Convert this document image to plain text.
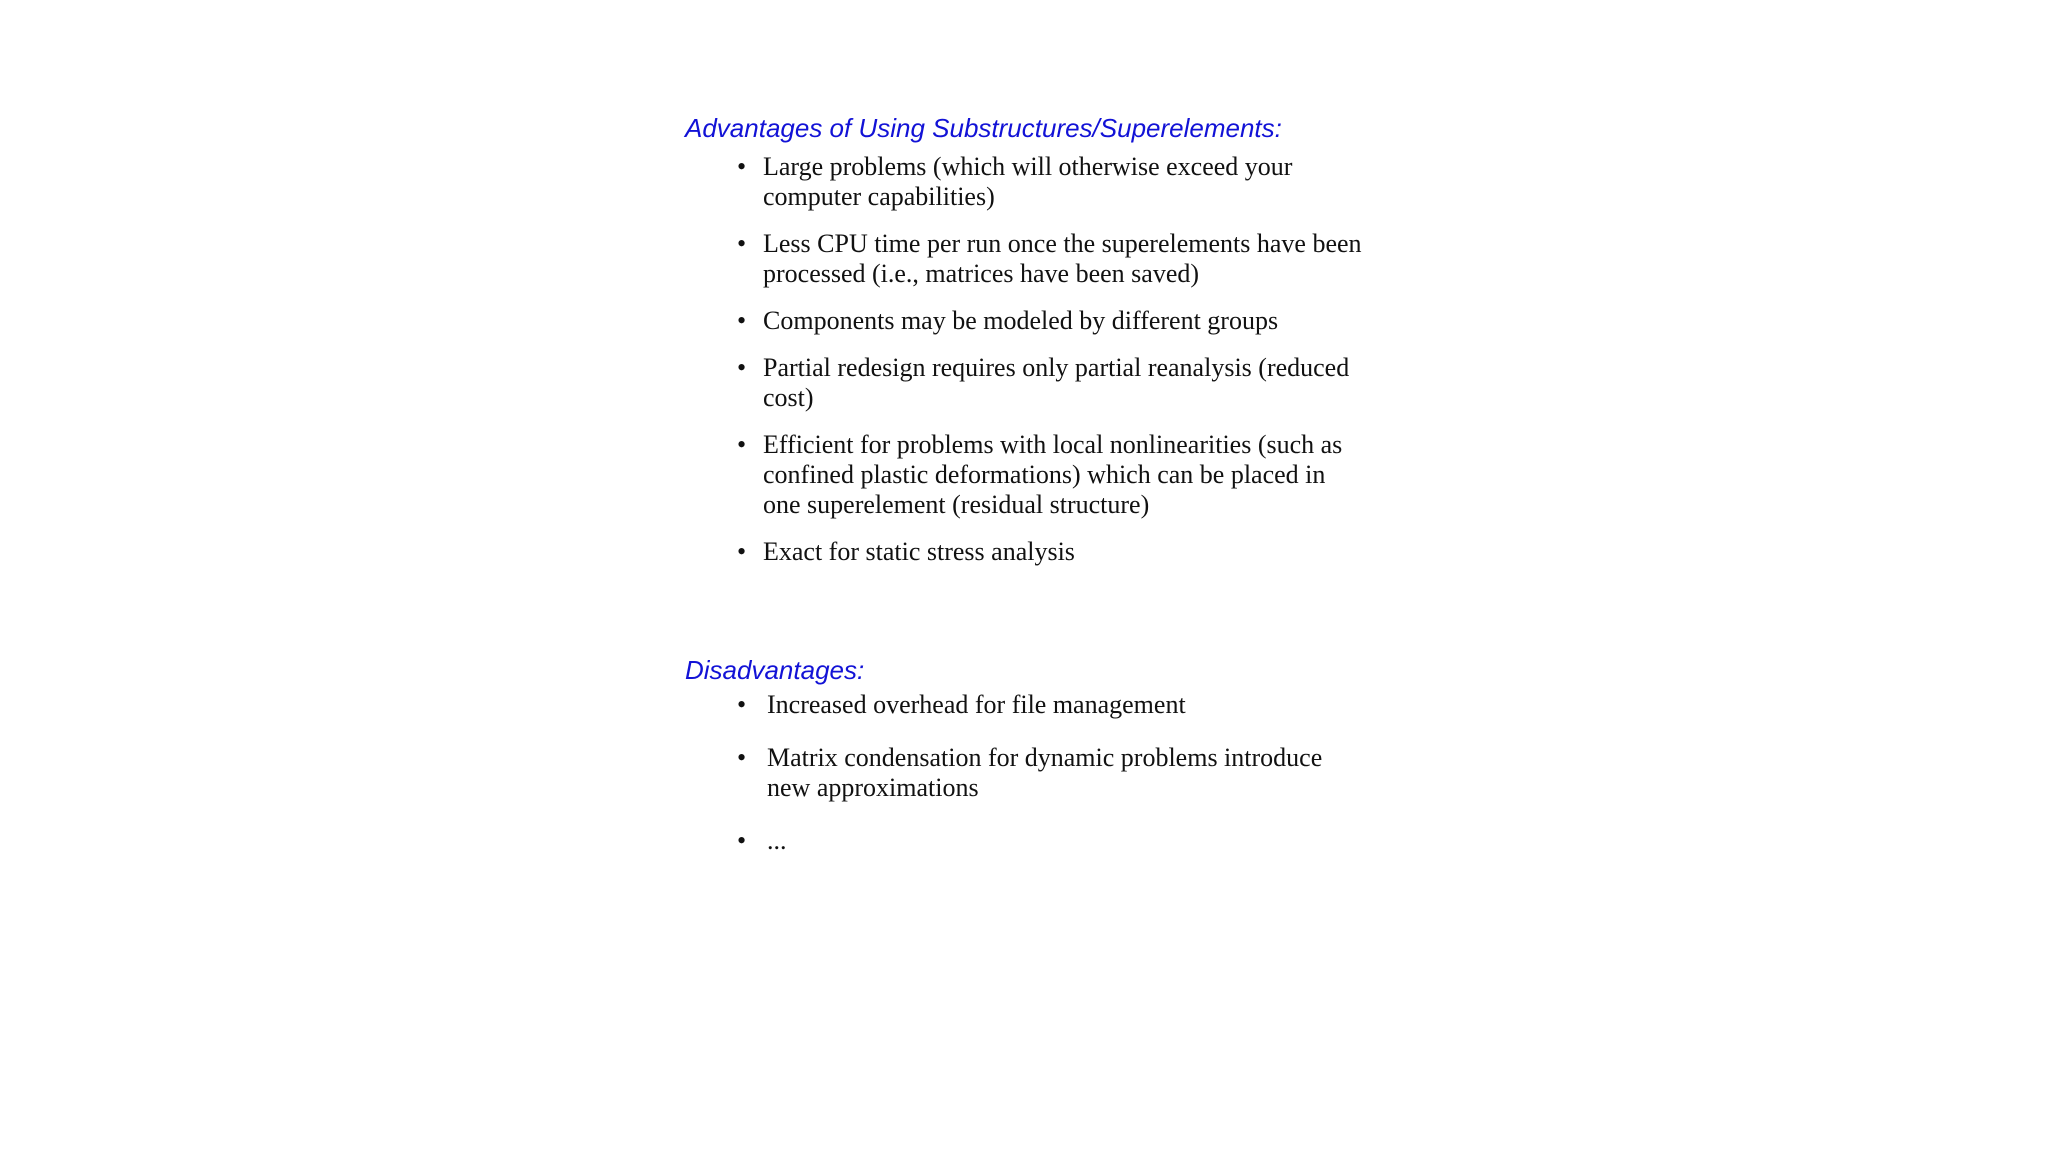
Advantages of Using Substructures/Superelements:
• Large problems (which will otherwise exceed your computer capabilities)
• Less CPU time per run once the superelements have been processed (i.e., matrices have been saved)
• Components may be modeled by different groups
• Partial redesign requires only partial reanalysis (reduced cost)
• Efficient for problems with local nonlinearities (such as confined plastic deformations) which can be placed in one superelement (residual structure)
• Exact for static stress analysis
Disadvantages:
• Increased overhead for file management
• Matrix condensation for dynamic problems introduce new approximations
• ...
